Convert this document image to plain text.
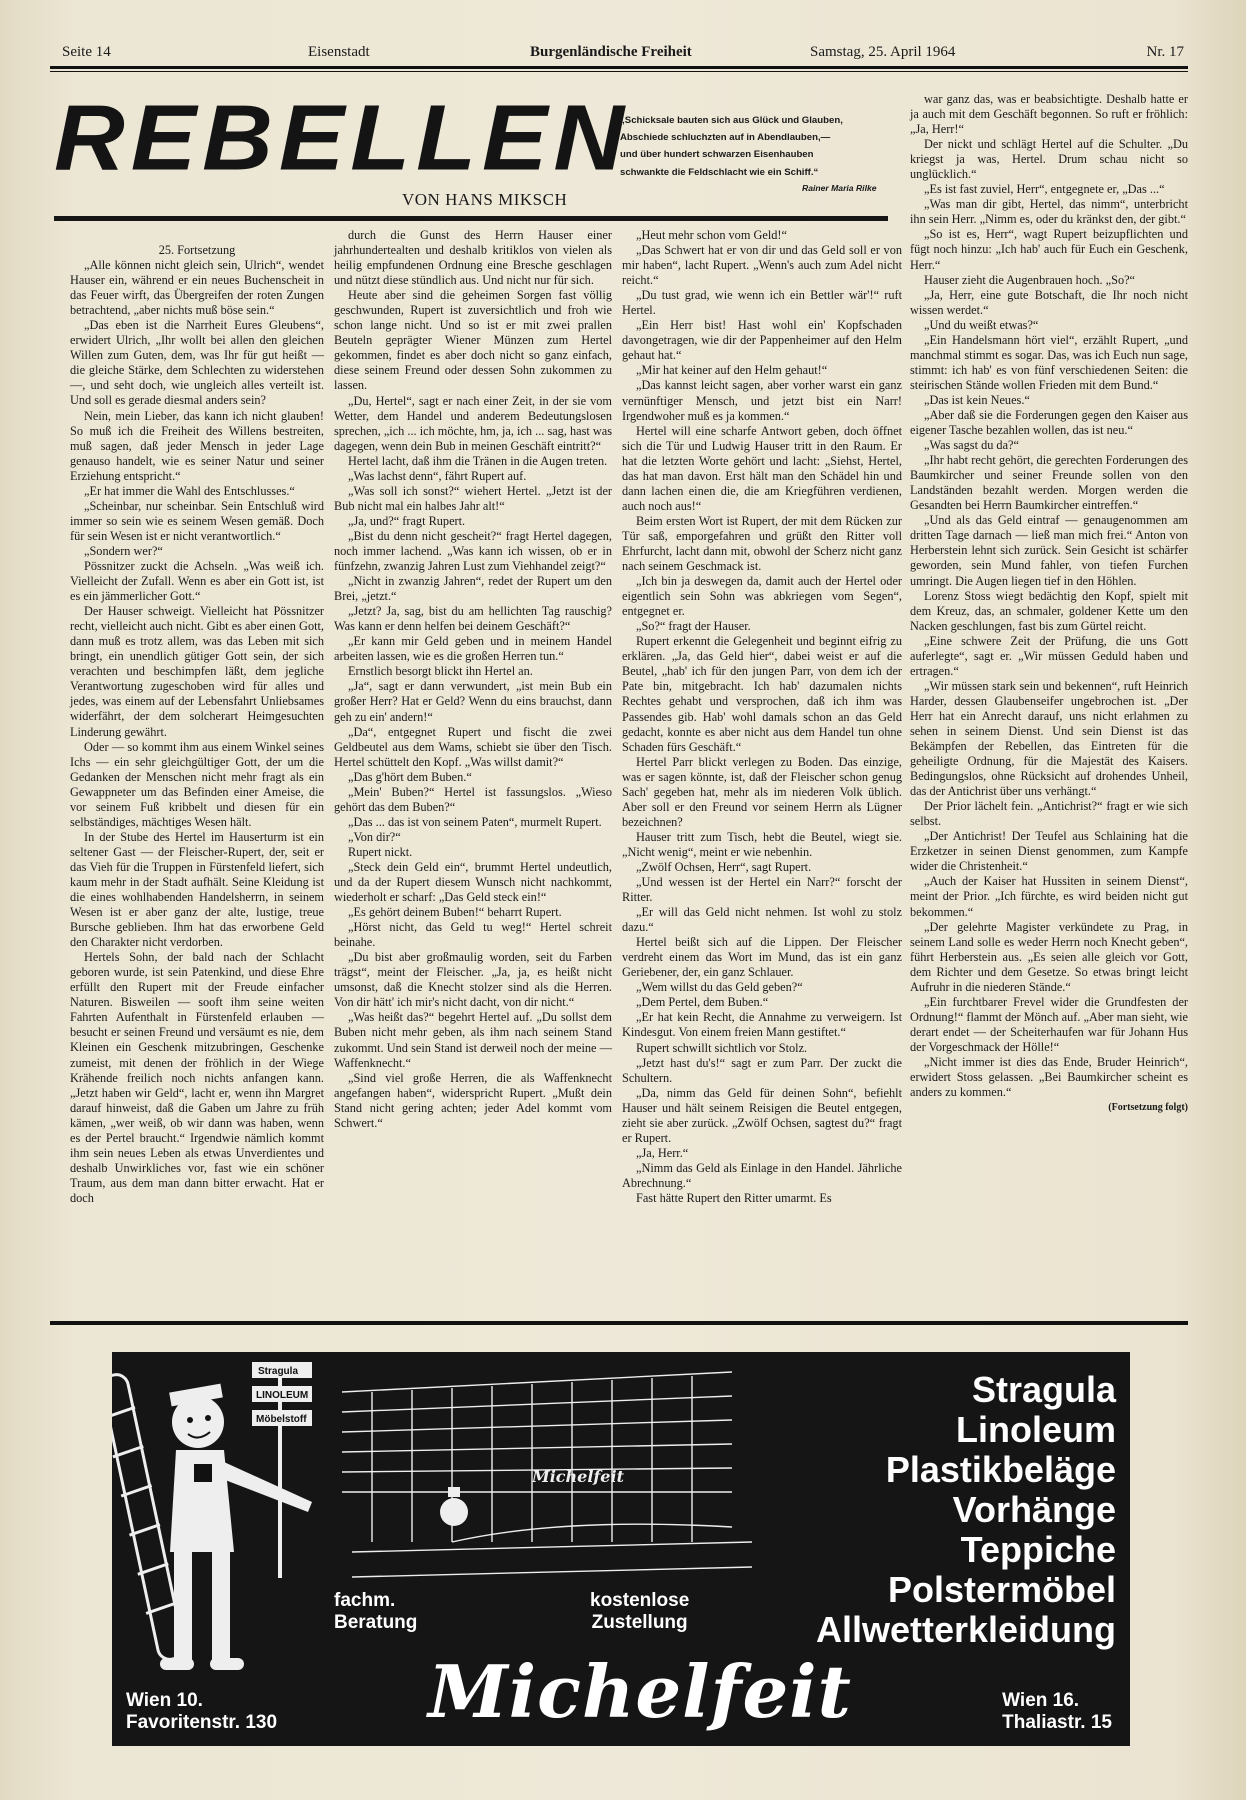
Seite 14	Eisenstadt	Burgenländische Freiheit	Samstag, 25. April 1964	Nr. 17
REBELLEN
VON HANS MIKSCH
„Schicksale bauten sich aus Glück und Glauben,
Abschiede schluchzten auf in Abendlauben,—
und über hundert schwarzen Eisenhauben
schwankte die Feldschlacht wie ein Schiff.“
Rainer Maria Rilke

25. Fortsetzung

„Alle können nicht gleich sein, Ulrich“, wendet Hauser ein, während er ein neues Buchenscheit in das Feuer wirft, das Übergreifen der roten Zungen betrachtend, „aber nichts muß böse sein.“

„Das eben ist die Narrheit Eures Gleubens“, erwidert Ulrich, „Ihr wollt bei allen den gleichen Willen zum Guten, dem, was Ihr für gut heißt — die gleiche Stärke, dem Schlechten zu widerstehen —, und seht doch, wie ungleich alles verteilt ist. Und soll es gerade diesmal anders sein?

Nein, mein Lieber, das kann ich nicht glauben! So muß ich die Freiheit des Willens bestreiten, muß sagen, daß jeder Mensch in jeder Lage genauso handelt, wie es seiner Natur und seiner Erziehung entspricht.“

„Er hat immer die Wahl des Entschlusses.“

„Scheinbar, nur scheinbar. Sein Entschluß wird immer so sein wie es seinem Wesen gemäß. Doch für sein Wesen ist er nicht verantwortlich.“

„Sondern wer?“

Pössnitzer zuckt die Achseln. „Was weiß ich. Vielleicht der Zufall. Wenn es aber ein Gott ist, ist es ein jämmerlicher Gott.“

Der Hauser schweigt. Vielleicht hat Pössnitzer recht, vielleicht auch nicht. Gibt es aber einen Gott, dann muß es trotz allem, was das Leben mit sich bringt, ein unendlich gütiger Gott sein, der sich verachten und beschimpfen läßt, dem jegliche Verantwortung zugeschoben wird für alles und jedes, was einem auf der Lebensfahrt Unliebsames widerfährt, der dem solcherart Heimgesuchten Linderung gewährt.

Oder — so kommt ihm aus einem Winkel seines Ichs — ein sehr gleichgültiger Gott, der um die Gedanken der Menschen nicht mehr fragt als ein Gewappneter um das Befinden einer Ameise, die vor seinem Fuß kribbelt und diesen für ein selbständiges, mächtiges Wesen hält.

In der Stube des Hertel im Hauserturm ist ein seltener Gast — der Fleischer-Rupert, der, seit er das Vieh für die Truppen in Fürstenfeld liefert, sich kaum mehr in der Stadt aufhält. Seine Kleidung ist die eines wohlhabenden Handelsherrn, in seinem Wesen ist er aber ganz der alte, lustige, treue Bursche geblieben. Ihm hat das erworbene Geld den Charakter nicht verdorben.

Hertels Sohn, der bald nach der Schlacht geboren wurde, ist sein Patenkind, und diese Ehre erfüllt den Rupert mit der Freude einfacher Naturen. Bisweilen — sooft ihm seine weiten Fahrten Aufenthalt in Fürstenfeld erlauben — besucht er seinen Freund und versäumt es nie, dem Kleinen ein Geschenk mitzubringen, Geschenke zumeist, mit denen der fröhlich in der Wiege Krähende freilich noch nichts anfangen kann. „Jetzt haben wir Geld“, lacht er, wenn ihn Margret darauf hinweist, daß die Gaben um Jahre zu früh kämen, „wer weiß, ob wir dann was haben, wenn es der Pertel braucht.“ Irgendwie nämlich kommt ihm sein neues Leben als etwas Unverdientes und deshalb Unwirkliches vor, fast wie ein schöner Traum, aus dem man dann bitter erwacht. Hat er doch

durch die Gunst des Herrn Hauser einer jahrhundertealten und deshalb kritiklos von vielen als heilig empfundenen Ordnung eine Bresche geschlagen und nützt diese stündlich aus. Und nicht nur für sich.

Heute aber sind die geheimen Sorgen fast völlig geschwunden, Rupert ist zuversichtlich und froh wie schon lange nicht. Und so ist er mit zwei prallen Beuteln geprägter Wiener Münzen zum Hertel gekommen, findet es aber doch nicht so ganz einfach, diese seinem Freund oder dessen Sohn zukommen zu lassen.

„Du, Hertel“, sagt er nach einer Zeit, in der sie vom Wetter, dem Handel und anderem Bedeutungslosen sprechen, „ich ... ich möchte, hm, ja, ich ... sag, hast was dagegen, wenn dein Bub in meinen Geschäft eintritt?“

Hertel lacht, daß ihm die Tränen in die Augen treten.

„Was lachst denn“, fährt Rupert auf.

„Was soll ich sonst?“ wiehert Hertel. „Jetzt ist der Bub nicht mal ein halbes Jahr alt!“

„Ja, und?“ fragt Rupert.

„Bist du denn nicht gescheit?“ fragt Hertel dagegen, noch immer lachend. „Was kann ich wissen, ob er in fünfzehn, zwanzig Jahren Lust zum Viehhandel zeigt?“

„Nicht in zwanzig Jahren“, redet der Rupert um den Brei, „jetzt.“

„Jetzt? Ja, sag, bist du am hellichten Tag rauschig? Was kann er denn helfen bei deinem Geschäft?“

„Er kann mir Geld geben und in meinem Handel arbeiten lassen, wie es die großen Herren tun.“

Ernstlich besorgt blickt ihn Hertel an.

„Ja“, sagt er dann verwundert, „ist mein Bub ein großer Herr? Hat er Geld? Wenn du eins brauchst, dann geh zu ein' andern!“

„Da“, entgegnet Rupert und fischt die zwei Geldbeutel aus dem Wams, schiebt sie über den Tisch. Hertel schüttelt den Kopf. „Was willst damit?“

„Das g'hört dem Buben.“

„Mein' Buben?“ Hertel ist fassungslos. „Wieso gehört das dem Buben?“

„Das ... das ist von seinem Paten“, murmelt Rupert.

„Von dir?“

Rupert nickt.

„Steck dein Geld ein“, brummt Hertel undeutlich, und da der Rupert diesem Wunsch nicht nachkommt, wiederholt er scharf: „Das Geld steck ein!“

„Es gehört deinem Buben!“ beharrt Rupert.

„Hörst nicht, das Geld tu weg!“ Hertel schreit beinahe.

„Du bist aber großmaulig worden, seit du Farben trägst“, meint der Fleischer. „Ja, ja, es heißt nicht umsonst, daß die Knecht stolzer sind als die Herren. Von dir hätt' ich mir's nicht dacht, von dir nicht.“

„Was heißt das?“ begehrt Hertel auf. „Du sollst dem Buben nicht mehr geben, als ihm nach seinem Stand zukommt. Und sein Stand ist derweil noch der meine — Waffenknecht.“

„Sind viel große Herren, die als Waffenknecht angefangen haben“, widerspricht Rupert. „Mußt dein Stand nicht gering achten; jeder Adel kommt vom Schwert.“

„Heut mehr schon vom Geld!“

„Das Schwert hat er von dir und das Geld soll er von mir haben“, lacht Rupert. „Wenn's auch zum Adel nicht reicht.“

„Du tust grad, wie wenn ich ein Bettler wär'!“ ruft Hertel.

„Ein Herr bist! Hast wohl ein' Kopfschaden davongetragen, wie dir der Pappenheimer auf den Helm gehaut hat.“

„Mir hat keiner auf den Helm gehaut!“

„Das kannst leicht sagen, aber vorher warst ein ganz vernünftiger Mensch, und jetzt bist ein Narr! Irgendwoher muß es ja kommen.“

Hertel will eine scharfe Antwort geben, doch öffnet sich die Tür und Ludwig Hauser tritt in den Raum. Er hat die letzten Worte gehört und lacht: „Siehst, Hertel, das hat man davon. Erst hält man den Schädel hin und dann lachen einen die, die am Kriegführen verdienen, auch noch aus!“

Beim ersten Wort ist Rupert, der mit dem Rücken zur Tür saß, emporgefahren und grüßt den Ritter voll Ehrfurcht, lacht dann mit, obwohl der Scherz nicht ganz nach seinem Geschmack ist.

„Ich bin ja deswegen da, damit auch der Hertel oder eigentlich sein Sohn was abkriegen vom Segen“, entgegnet er.

„So?“ fragt der Hauser.

Rupert erkennt die Gelegenheit und beginnt eifrig zu erklären. „Ja, das Geld hier“, dabei weist er auf die Beutel, „hab' ich für den jungen Parr, von dem ich der Pate bin, mitgebracht. Ich hab' dazumalen nichts Rechtes gehabt und versprochen, daß ich ihm was Passendes gib. Hab' wohl damals schon an das Geld gedacht, konnte es aber nicht aus dem Handel tun ohne Schaden fürs Geschäft.“

Hertel Parr blickt verlegen zu Boden. Das einzige, was er sagen könnte, ist, daß der Fleischer schon genug Sach' gegeben hat, mehr als im niederen Volk üblich. Aber soll er den Freund vor seinem Herrn als Lügner bezeichnen?

Hauser tritt zum Tisch, hebt die Beutel, wiegt sie. „Nicht wenig“, meint er wie nebenhin.

„Zwölf Ochsen, Herr“, sagt Rupert.

„Und wessen ist der Hertel ein Narr?“ forscht der Ritter.

„Er will das Geld nicht nehmen. Ist wohl zu stolz dazu.“

Hertel beißt sich auf die Lippen. Der Fleischer verdreht einem das Wort im Mund, das ist ein ganz Geriebener, der, ein ganz Schlauer.

„Wem willst du das Geld geben?“

„Dem Pertel, dem Buben.“

„Er hat kein Recht, die Annahme zu verweigern. Ist Kindesgut. Von einem freien Mann gestiftet.“

Rupert schwillt sichtlich vor Stolz.

„Jetzt hast du's!“ sagt er zum Parr. Der zuckt die Schultern.

„Da, nimm das Geld für deinen Sohn“, befiehlt Hauser und hält seinem Reisigen die Beutel entgegen, zieht sie aber zurück. „Zwölf Ochsen, sagtest du?“ fragt er Rupert.

„Ja, Herr.“

„Nimm das Geld als Einlage in den Handel. Jährliche Abrechnung.“

Fast hätte Rupert den Ritter umarmt. Es

war ganz das, was er beabsichtigte. Deshalb hatte er ja auch mit dem Geschäft begonnen. So ruft er fröhlich: „Ja, Herr!“

Der nickt und schlägt Hertel auf die Schulter. „Du kriegst ja was, Hertel. Drum schau nicht so unglücklich.“

„Es ist fast zuviel, Herr“, entgegnete er, „Das ...“

„Was man dir gibt, Hertel, das nimm“, unterbricht ihn sein Herr. „Nimm es, oder du kränkst den, der gibt.“

„So ist es, Herr“, wagt Rupert beizupflichten und fügt noch hinzu: „Ich hab' auch für Euch ein Geschenk, Herr.“

Hauser zieht die Augenbrauen hoch. „So?“

„Ja, Herr, eine gute Botschaft, die Ihr noch nicht wissen werdet.“

„Und du weißt etwas?“

„Ein Handelsmann hört viel“, erzählt Rupert, „und manchmal stimmt es sogar. Das, was ich Euch nun sage, stimmt: ich hab' es von fünf verschiedenen Seiten: die steirischen Stände wollen Frieden mit dem Bund.“

„Das ist kein Neues.“

„Aber daß sie die Forderungen gegen den Kaiser aus eigener Tasche bezahlen wollen, das ist neu.“

„Was sagst du da?“

„Ihr habt recht gehört, die gerechten Forderungen des Baumkircher und seiner Freunde sollen von den Landständen bezahlt werden. Morgen werden die Gesandten bei Herrn Baumkircher eintreffen.“

„Und als das Geld eintraf — genaugenommen am dritten Tage darnach — ließ man mich frei.“ Anton von Herberstein lehnt sich zurück. Sein Gesicht ist schärfer geworden, sein Mund fahler, von tiefen Furchen umringt. Die Augen liegen tief in den Höhlen.

Lorenz Stoss wiegt bedächtig den Kopf, spielt mit dem Kreuz, das, an schmaler, goldener Kette um den Nacken geschlungen, fast bis zum Gürtel reicht.

„Eine schwere Zeit der Prüfung, die uns Gott auferlegte“, sagt er. „Wir müssen Geduld haben und ertragen.“

„Wir müssen stark sein und bekennen“, ruft Heinrich Harder, dessen Glaubenseifer ungebrochen ist. „Der Herr hat ein Anrecht darauf, uns nicht erlahmen zu sehen in seinem Dienst. Und sein Dienst ist das Bekämpfen der Rebellen, das Eintreten für die geheiligte Ordnung, für die Majestät des Kaisers. Bedingungslos, ohne Rücksicht auf drohendes Unheil, das der Antichrist über uns verhängt.“

Der Prior lächelt fein. „Antichrist?“ fragt er wie sich selbst.

„Der Antichrist! Der Teufel aus Schlaining hat die Erzketzer in seinen Dienst genommen, zum Kampfe wider die Christenheit.“

„Auch der Kaiser hat Hussiten in seinem Dienst“, meint der Prior. „Ich fürchte, es wird beiden nicht gut bekommen.“

„Der gelehrte Magister verkündete zu Prag, in seinem Land solle es weder Herrn noch Knecht geben“, führt Herberstein aus. „Es seien alle gleich vor Gott, dem Richter und dem Gesetze. So etwas bringt leicht Aufruhr in die niederen Stände.“

„Ein furchtbarer Frevel wider die Grundfesten der Ordnung!“ flammt der Mönch auf. „Aber man sieht, wie derart endet — der Scheiterhaufen war für Johann Hus der Vorgeschmack der Hölle!“

„Nicht immer ist dies das Ende, Bruder Heinrich“, erwidert Stoss gelassen. „Bei Baumkircher scheint es anders zu kommen.“

(Fortsetzung folgt)

Stragula
LINOLEUM
Möbelstoff
Michelfeit
Stragula
Linoleum
Plastikbeläge
Vorhänge
Teppiche
Polstermöbel
Allwetterkleidung
fachm.
Beratung
kostenlose
Zustellung
Michelfeit
Wien 10.
Favoritenstr. 130
Wien 16.
Thaliastr. 15
